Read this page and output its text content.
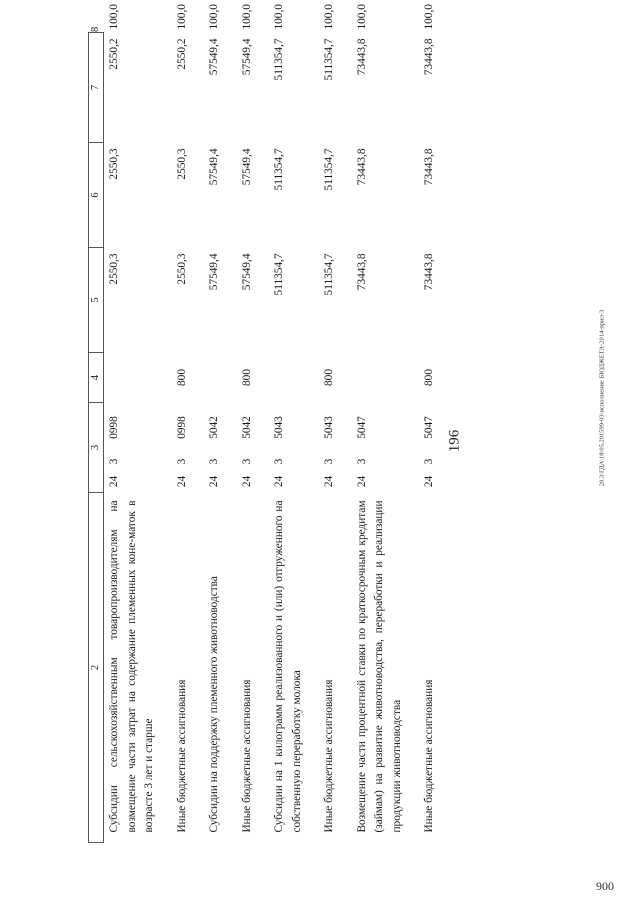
196	20.3\ГДА\18\05.201599-03\исполнение БЮДЖЕТА-2014-прил-3
900
2	3			4	5	6	7	8
Субсидии сельскохозяйственным товаропроизводителям на возмещение части затрат на содержание племенных коне-маток в возрасте 3 лет и старше	24	3	0998		2550,3	2550,3	2550,2	100,0
Иные бюджетные ассигнования	24	3	0998	800	2550,3	2550,3	2550,2	100,0
Субсидии на поддержку племенного животноводства	24	3	5042		57549,4	57549,4	57549,4	100,0
Иные бюджетные ассигнования	24	3	5042	800	57549,4	57549,4	57549,4	100,0
Субсидии на 1 килограмм реализованного и (или) отгруженного на собственную переработку молока	24	3	5043		511354,7	511354,7	511354,7	100,0
Иные бюджетные ассигнования	24	3	5043	800	511354,7	511354,7	511354,7	100,0
Возмещение части процентной ставки по краткосрочным кредитам (займам) на развитие животноводства, переработки и реализации продукции животноводства	24	3	5047		73443,8	73443,8	73443,8	100,0
Иные бюджетные ассигнования	24	3	5047	800	73443,8	73443,8	73443,8	100,0
